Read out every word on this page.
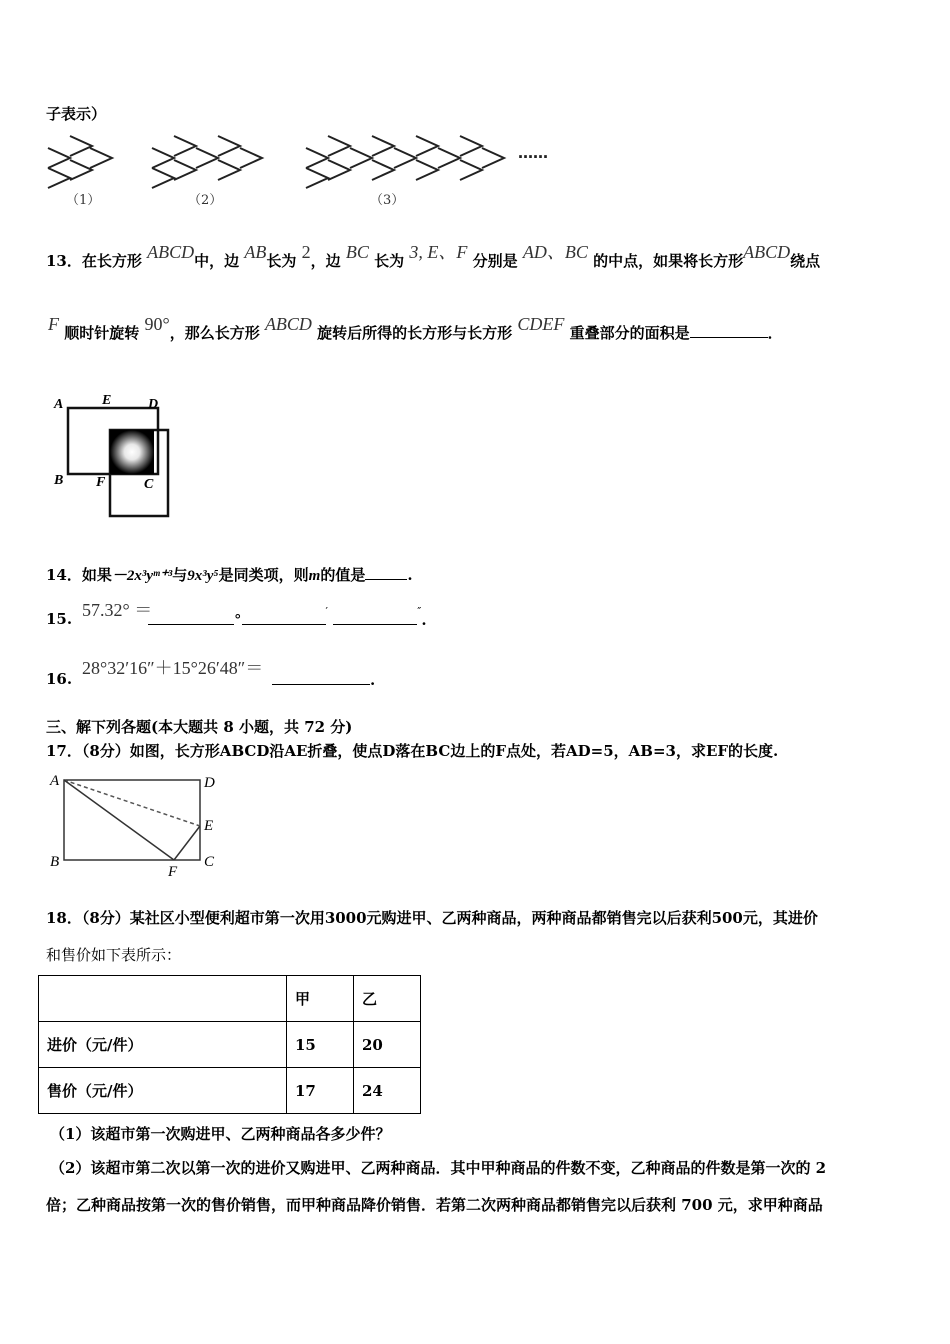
子表示）
（1）	（2）	（3）
……
13．在长方形 ABCD中，边 AB长为 2，边 BC 长为 3, E、F 分别是 AD、BC 的中点，如果将长方形ABCD绕点
F 顺时针旋转 90°，那么长方形 ABCD 旋转后所得的长方形与长方形 CDEF 重叠部分的面积是	．
A	E	D
B F	C
14．如果－2x³yᵐ⁺³与9x³y⁵是同类项，则m的值是	.
15. 57.32° ＝	°	′	″.
16.
28°32′16″＋15°26′48″＝
.
三、解下列各题(本大题共 8 小题，共 72 分)
17．（8分）如图，长方形ABCD沿AE折叠，使点D落在BC边上的F点处，若AD=5，AB=3，求EF的长度.
A	D
E
B
F
C
18．（8分）某社区小型便利超市第一次用3000元购进甲、乙两种商品，两种商品都销售完以后获利500元，其进价
和售价如下表所示：
	甲	乙
进价（元/件）	15	20
售价（元/件）	17	24
（1）该超市第一次购进甲、乙两种商品各多少件？
（2）该超市第二次以第一次的进价又购进甲、乙两种商品．其中甲种商品的件数不变，乙种商品的件数是第一次的 2
倍；乙种商品按第一次的售价销售，而甲种商品降价销售．若第二次两种商品都销售完以后获利 700 元，求甲种商品
